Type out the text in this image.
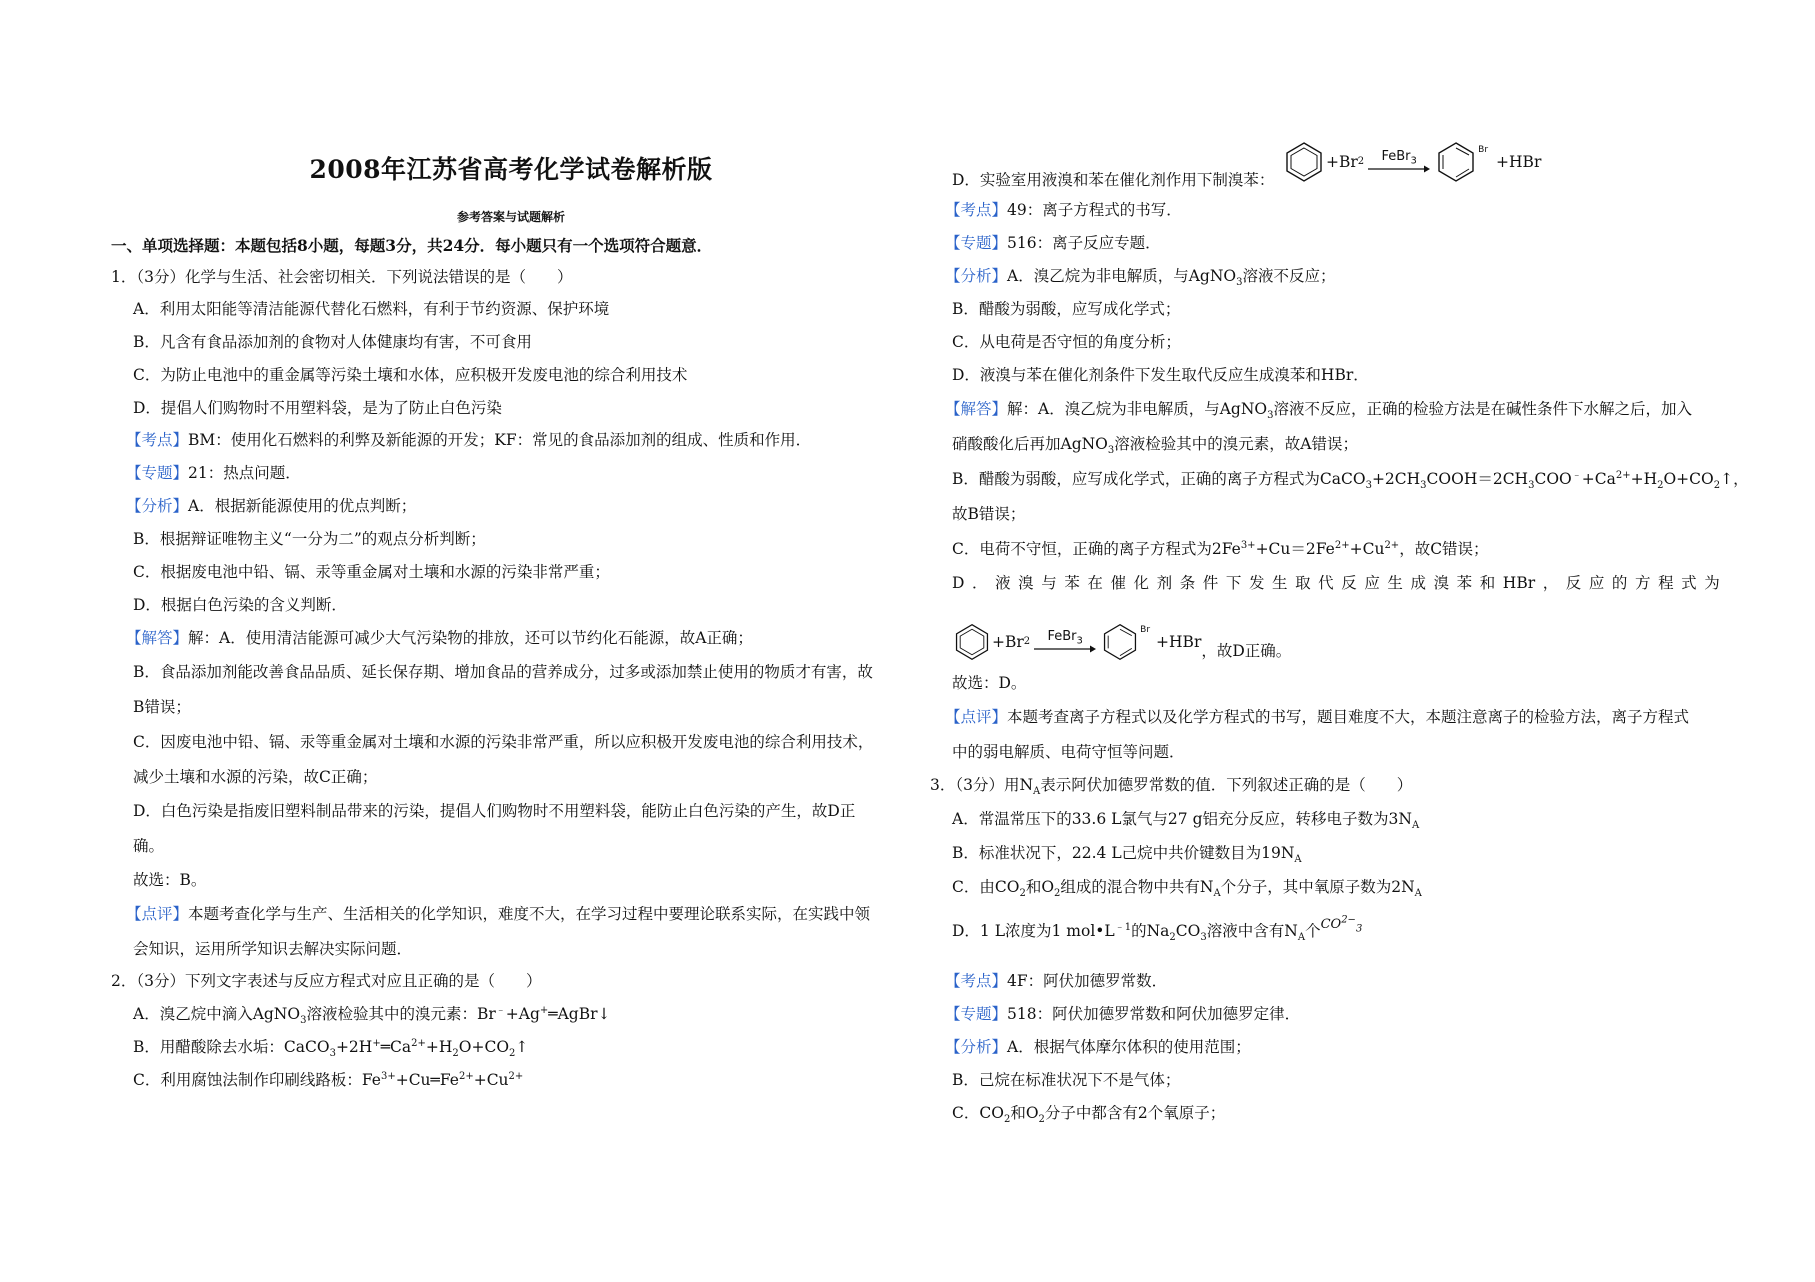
2008年江苏省高考化学试卷解析版
参考答案与试题解析
一、单项选择题：本题包括8小题，每题3分，共24分．每小题只有一个选项符合题意．
1．（3分）化学与生活、社会密切相关．下列说法错误的是（　　）
A．利用太阳能等清洁能源代替化石燃料，有利于节约资源、保护环境
B．凡含有食品添加剂的食物对人体健康均有害，不可食用
C．为防止电池中的重金属等污染土壤和水体，应积极开发废电池的综合利用技术
D．提倡人们购物时不用塑料袋，是为了防止白色污染
【考点】BM：使用化石燃料的利弊及新能源的开发；KF：常见的食品添加剂的组成、性质和作用．
【专题】21：热点问题．
【分析】A．根据新能源使用的优点判断；
B．根据辩证唯物主义“一分为二”的观点分析判断；
C．根据废电池中铅、镉、汞等重金属对土壤和水源的污染非常严重；
D．根据白色污染的含义判断．
【解答】解：A．使用清洁能源可减少大气污染物的排放，还可以节约化石能源，故A正确；
B．食品添加剂能改善食品品质、延长保存期、增加食品的营养成分，过多或添加禁止使用的物质才有害，故
B错误；
C．因废电池中铅、镉、汞等重金属对土壤和水源的污染非常严重，所以应积极开发废电池的综合利用技术，
减少土壤和水源的污染，故C正确；
D．白色污染是指废旧塑料制品带来的污染，提倡人们购物时不用塑料袋，能防止白色污染的产生，故D正
确。
故选：B。
【点评】本题考查化学与生产、生活相关的化学知识，难度不大，在学习过程中要理论联系实际，在实践中领
会知识，运用所学知识去解决实际问题．
2．（3分）下列文字表述与反应方程式对应且正确的是（　　）
A．溴乙烷中滴入AgNO$_3$溶液检验其中的溴元素：Br﹣+Ag+═AgBr↓
B．用醋酸除去水垢：$CaCO_3+2H^+═Ca^{2+}+H_2O+CO_2↑$
C．利用腐蚀法制作印刷线路板：$Fe^{3+}+Cu═Fe^{2+}+Cu^{2+}$
D．实验室用液溴和苯在催化剂作用下制溴苯：
+Br 2 FeBr$_3$
Br
+HBr
【考点】49：离子方程式的书写．
【专题】516：离子反应专题．
【分析】A．溴乙烷为非电解质，与AgNO$_3$溶液不反应；
B．醋酸为弱酸，应写成化学式；
C．从电荷是否守恒的角度分析；
D．液溴与苯在催化剂条件下发生取代反应生成溴苯和HBr．
【解答】解：A．溴乙烷为非电解质，与AgNO$_3$溶液不反应，正确的检验方法是在碱性条件下水解之后，加入
硝酸酸化后再加AgNO$_3$溶液检验其中的溴元素，故A错误；
B．醋酸为弱酸，应写成化学式，正确的离子方程式为$CaCO_3+2CH_3COOH=2CH_3COO^﹣+Ca^{2+}+H_2O+CO_2↑$，
故B错误；
C．电荷不守恒，正确的离子方程式为$2Fe^{3+}+Cu=2Fe^{2+}+Cu^{2+}$，故C错误；
D ． 液 溴 与 苯 在 催 化 剂 条 件 下 发 生 取 代 反 应 生 成 溴 苯 和 HBr ， 反 应 的 方 程 式 为
+Br 2 FeBr$_3$
Br
+HBr ，故D正确。
故选：D。
【点评】本题考查离子方程式以及化学方程式的书写，题目难度不大，本题注意离子的检验方法，离子方程式
中的弱电解质、电荷守恒等问题．
3．（3分）用$N_A$表示阿伏加德罗常数的值．下列叙述正确的是（　　）
A．常温常压下的33.6 L氯气与27 g铝充分反应，转移电子数为$3N_A$
B．标准状况下，22.4 L己烷中共价键数目为$19N_A$
C．由$CO_2$和$O_2$组成的混合物中共有$N_A$个分子，其中氧原子数为$2N_A$
D．1 L浓度为1 $mol•L^{﹣1}$的$Na_2CO_3$溶液中含有$N_A$个$^{CO^{2-}_3}$
【考点】4F：阿伏加德罗常数．
【专题】518：阿伏加德罗常数和阿伏加德罗定律．
【分析】A．根据气体摩尔体积的使用范围；
B．己烷在标准状况下不是气体；
C．$CO_2$和$O_2$分子中都含有2个氧原子；
